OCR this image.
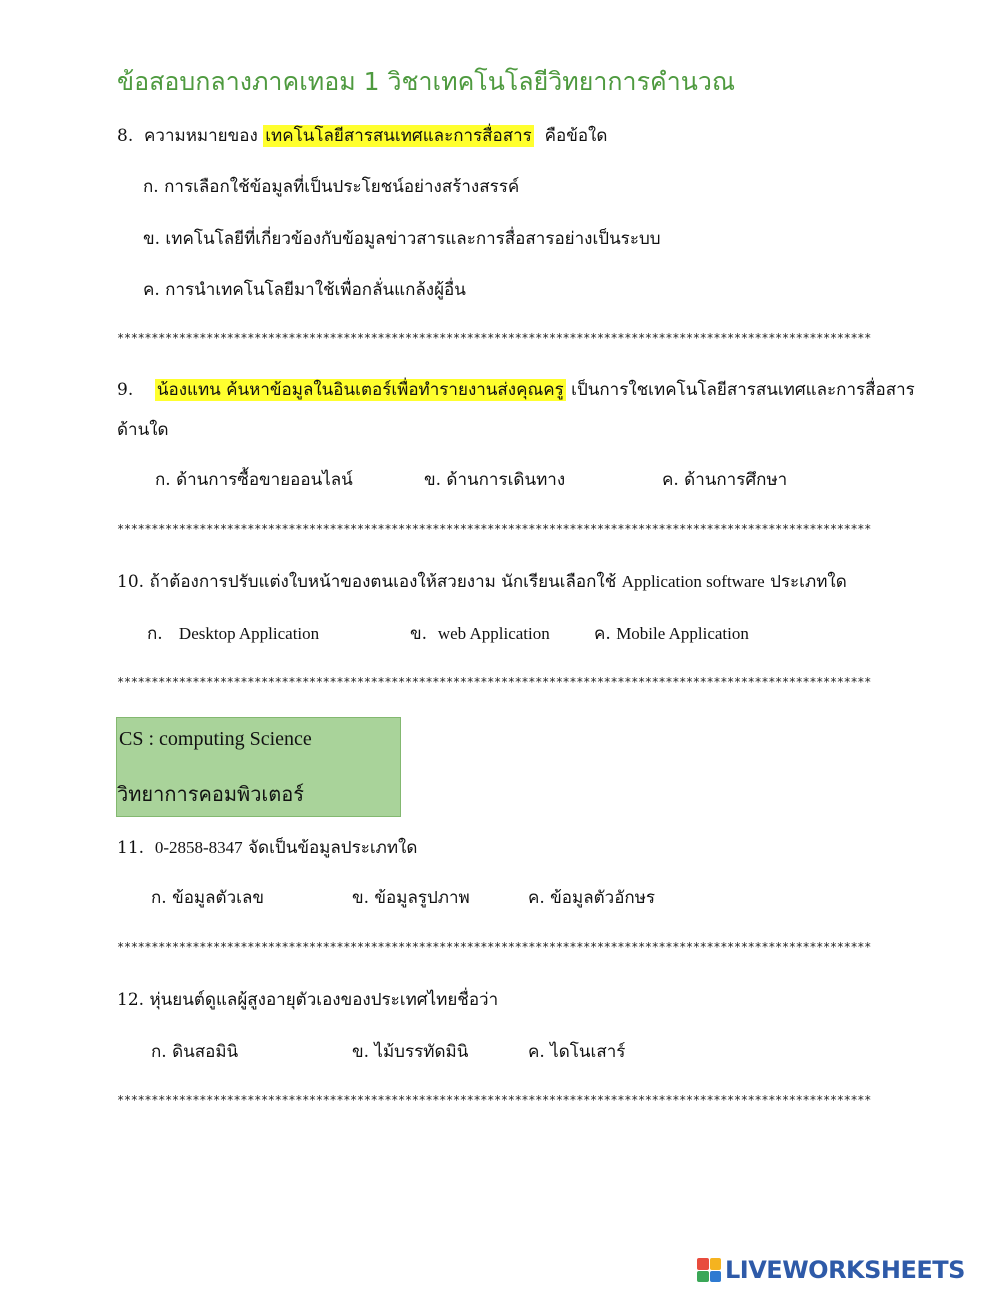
ข้อสอบกลางภาคเทอม 1 วิชาเทคโนโลยีวิทยาการคำนวณ
8. ความหมายของ เทคโนโลยีสารสนเทศและการสื่อสาร คือข้อใด
ก. การเลือกใช้ข้อมูลที่เป็นประโยชน์อย่างสร้างสรรค์
ข. เทคโนโลยีที่เกี่ยวข้องกับข้อมูลข่าวสารและการสื่อสารอย่างเป็นระบบ
ค. การนำเทคโนโลยีมาใช้เพื่อกลั่นแกล้งผู้อื่น
**************************************************************************************************************
9. น้องแทน ค้นหาข้อมูลในอินเตอร์เพื่อทำรายงานส่งคุณครู เป็นการใชเทคโนโลยีสารสนเทศและการสื่อสาร
ด้านใด
ก. ด้านการซื้อขายออนไลน์	ข. ด้านการเดินทาง	ค. ด้านการศึกษา
**************************************************************************************************************
10. ถ้าต้องการปรับแต่งใบหน้าของตนเองให้สวยงาม นักเรียนเลือกใช้ Application software ประเภทใด
ก. Desktop Application	ข. web Application	ค. Mobile Application
**************************************************************************************************************
CS : computing Science
วิทยาการคอมพิวเตอร์
11. 0-2858-8347 จัดเป็นข้อมูลประเภทใด
ก. ข้อมูลตัวเลข	ข. ข้อมูลรูปภาพ	ค. ข้อมูลตัวอักษร
**************************************************************************************************************
12. หุ่นยนต์ดูแลผู้สูงอายุตัวเองของประเทศไทยชื่อว่า
ก. ดินสอมินิ	ข. ไม้บรรทัดมินิ	ค. ไดโนเสาร์
**************************************************************************************************************
LIVEWORKSHEETS
